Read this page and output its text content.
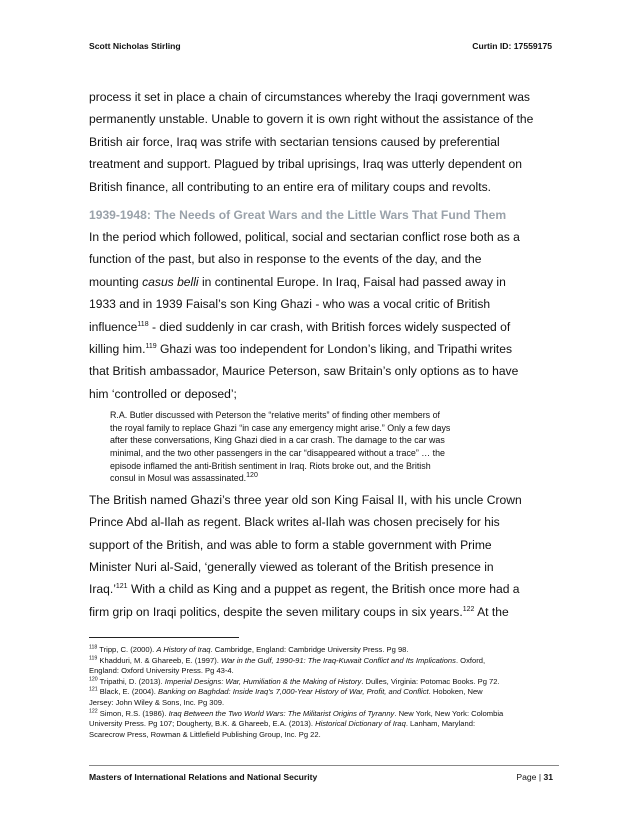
Scott Nicholas Stirling	Curtin ID: 17559175

process it set in place a chain of circumstances whereby the Iraqi government was
permanently unstable. Unable to govern it is own right without the assistance of the
British air force, Iraq was strife with sectarian tensions caused by preferential
treatment and support. Plagued by tribal uprisings, Iraq was utterly dependent on
British finance, all contributing to an entire era of military coups and revolts.

1939-1948: The Needs of Great Wars and the Little Wars That Fund Them

In the period which followed, political, social and sectarian conflict rose both as a
function of the past, but also in response to the events of the day, and the
mounting casus belli in continental Europe. In Iraq, Faisal had passed away in
1933 and in 1939 Faisal’s son King Ghazi - who was a vocal critic of British
influence$^{118}$ - died suddenly in car crash, with British forces widely suspected of
killing him.$^{119}$ Ghazi was too independent for London’s liking, and Tripathi writes
that British ambassador, Maurice Peterson, saw Britain’s only options as to have
him ‘controlled or deposed’;

R.A. Butler discussed with Peterson the “relative merits” of finding other members of
the royal family to replace Ghazi “in case any emergency might arise.” Only a few days
after these conversations, King Ghazi died in a car crash. The damage to the car was
minimal, and the two other passengers in the car “disappeared without a trace” … the
episode inflamed the anti-British sentiment in Iraq. Riots broke out, and the British
consul in Mosul was assassinated.$^{120}$

The British named Ghazi’s three year old son King Faisal II, with his uncle Crown
Prince Abd al-Ilah as regent. Black writes al-Ilah was chosen precisely for his
support of the British, and was able to form a stable government with Prime
Minister Nuri al-Said, ‘generally viewed as tolerant of the British presence in
Iraq.’$^{121}$ With a child as King and a puppet as regent, the British once more had a
firm grip on Iraqi politics, despite the seven military coups in six years.$^{122}$ At the

$^{118}$ Tripp, C. (2000). A History of Iraq. Cambridge, England: Cambridge University Press. Pg 98.

$^{119}$ Khadduri, M. & Ghareeb, E. (1997). War in the Gulf, 1990-91: The Iraq-Kuwait Conflict and Its Implications. Oxford,
England: Oxford University Press. Pg 43-4.

$^{120}$ Tripathi, D. (2013). Imperial Designs: War, Humiliation & the Making of History. Dulles, Virginia: Potomac Books. Pg 72.

$^{121}$ Black, E. (2004). Banking on Baghdad: Inside Iraq's 7,000-Year History of War, Profit, and Conflict. Hoboken, New
Jersey: John Wiley & Sons, Inc. Pg 309.

$^{122}$ Simon, R.S. (1986). Iraq Between the Two World Wars: The Militarist Origins of Tyranny. New York, New York: Colombia
University Press. Pg 107; Dougherty, B.K. & Ghareeb, E.A. (2013). Historical Dictionary of Iraq. Lanham, Maryland:
Scarecrow Press, Rowman & Littlefield Publishing Group, Inc. Pg 22.

Masters of International Relations and National Security	Page | 31
